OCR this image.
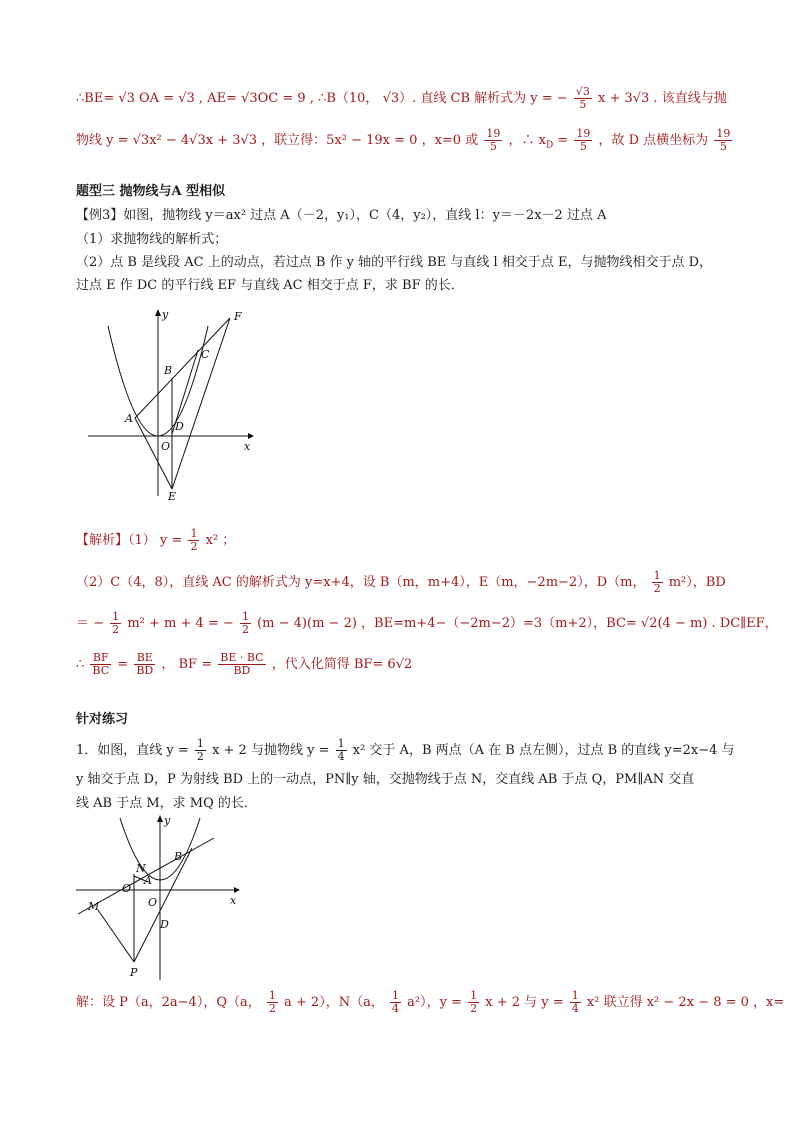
∴BE= √3 OA = √3 , AE= √3OC = 9 , ∴B（10， √3）. 直线 CB 解析式为 y = − $\frac{√3}{5}$ x + 3√3 . 该直线与抛
物线 y = √3x² − 4√3x + 3√3 ，联立得：5x² − 19x = 0 ，x=0 或 $\frac{19}{5}$ ，∴ $x_D = \frac{19}{5}$ ，故 D 点横坐标为 $\frac{19}{5}$
题型三 抛物线与A 型相似
【例3】如图，抛物线 y＝ax² 过点 A（－2，y₁），C（4，y₂），直线 l：y＝－2x－2 过点 A
（1）求抛物线的解析式；
（2）点 B 是线段 AC 上的动点，若过点 B 作 y 轴的平行线 BE 与直线 l 相交于点 E，与抛物线相交于点 D，
过点 E 作 DC 的平行线 EF 与直线 AC 相交于点 F，求 BF 的长．
y
x
F
C
B
A
D
O
E
【解析】（1） $y = \frac{1}{2} x^2$ ；
（2）C（4，8），直线 AC 的解析式为 y=x+4，设 B（m，m+4），E（m，−2m−2），D（m， $\frac{1}{2} m^2$），BD
＝ − $\frac{1}{2} m^2 + m + 4$ = − $\frac{1}{2} (m - 4)(m - 2)$ ，BE=m+4−（−2m−2）=3（m+2），BC= √2(4 − m) . DC∥EF，
∴ $\frac{BF}{BC} = \frac{BE}{BD}$ ， BF = $\frac{BE \cdot BC}{BD}$ ，代入化简得 BF= 6√2
针对练习
1．如图，直线 $y = \frac{1}{2}$ x + 2 与抛物线 $y = \frac{1}{4} x^2$ 交于 A，B 两点（A 在 B 点左侧），过点 B 的直线 y=2x−4 与
y 轴交于点 D，P 为射线 BD 上的一动点，PN∥y 轴，交抛物线于点 N，交直线 AB 于点 Q，PM∥AN 交直
线 AB 于点 M，求 MQ 的长．
y
x
B
N
O
A
O
D
M
P
解：设 P（a，2a−4），Q（a， $\frac{1}{2}$ a + 2），N（a， $\frac{1}{4} a^2$），$y = \frac{1}{2}$ x + 2 与 $y = \frac{1}{4} x^2$ 联立得 x² − 2x − 8 = 0 ，x=
